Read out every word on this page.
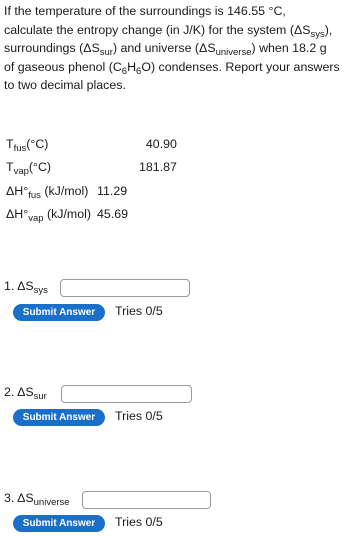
If the temperature of the surroundings is 146.55 °C,
calculate the entropy change (in J/K) for the system $(\Delta S_{sys})$,
surroundings $(\Delta S_{sur})$ and universe $(\Delta S_{universe})$ when 18.2 g
of gaseous phenol $(C_6H_6O)$ condenses. Report your answers
to two decimal places.
$T_{fus}(^\circ C)$	40.90
$T_{vap}(^\circ C)$	181.87
$\Delta H^\circ_{fus}$ (kJ/mol)	11.29
$\Delta H^\circ_{vap}$ (kJ/mol)	45.69
1. $\Delta S_{sys}$
Submit Answer	Tries 0/5
2. $\Delta S_{sur}$
Submit Answer	Tries 0/5
3. $\Delta S_{universe}$
Submit Answer	Tries 0/5
